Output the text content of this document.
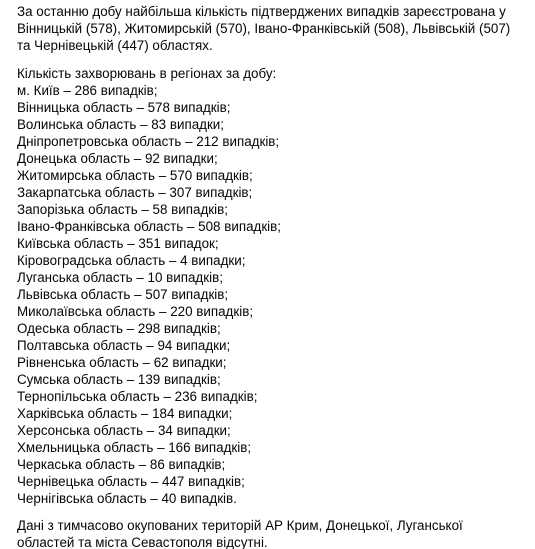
За останню добу найбільша кількість підтверджених випадків зареєстрована у
Вінницькій (578), Житомирській (570), Івано-Франківській (508), Львівській (507)
та Чернівецькій (447) областях.

Кількість захворювань в регіонах за добу:
м. Київ – 286 випадків;
Вінницька область – 578 випадків;
Волинська область – 83 випадки;
Дніпропетровська область – 212 випадків;
Донецька область – 92 випадки;
Житомирська область – 570 випадків;
Закарпатська область – 307 випадків;
Запорізька область – 58 випадків;
Івано-Франківська область – 508 випадків;
Київська область – 351 випадок;
Кіровоградська область – 4 випадки;
Луганська область – 10 випадків;
Львівська область – 507 випадків;
Миколаївська область – 220 випадків;
Одеська область – 298 випадків;
Полтавська область – 94 випадки;
Рівненська область – 62 випадки;
Сумська область – 139 випадків;
Тернопільська область – 236 випадків;
Харківська область – 184 випадки;
Херсонська область – 34 випадки;
Хмельницька область – 166 випадків;
Черкаська область – 86 випадків;
Чернівецька область – 447 випадків;
Чернігівська область – 40 випадків.

Дані з тимчасово окупованих територій АР Крим, Донецької, Луганської
областей та міста Севастополя відсутні.
